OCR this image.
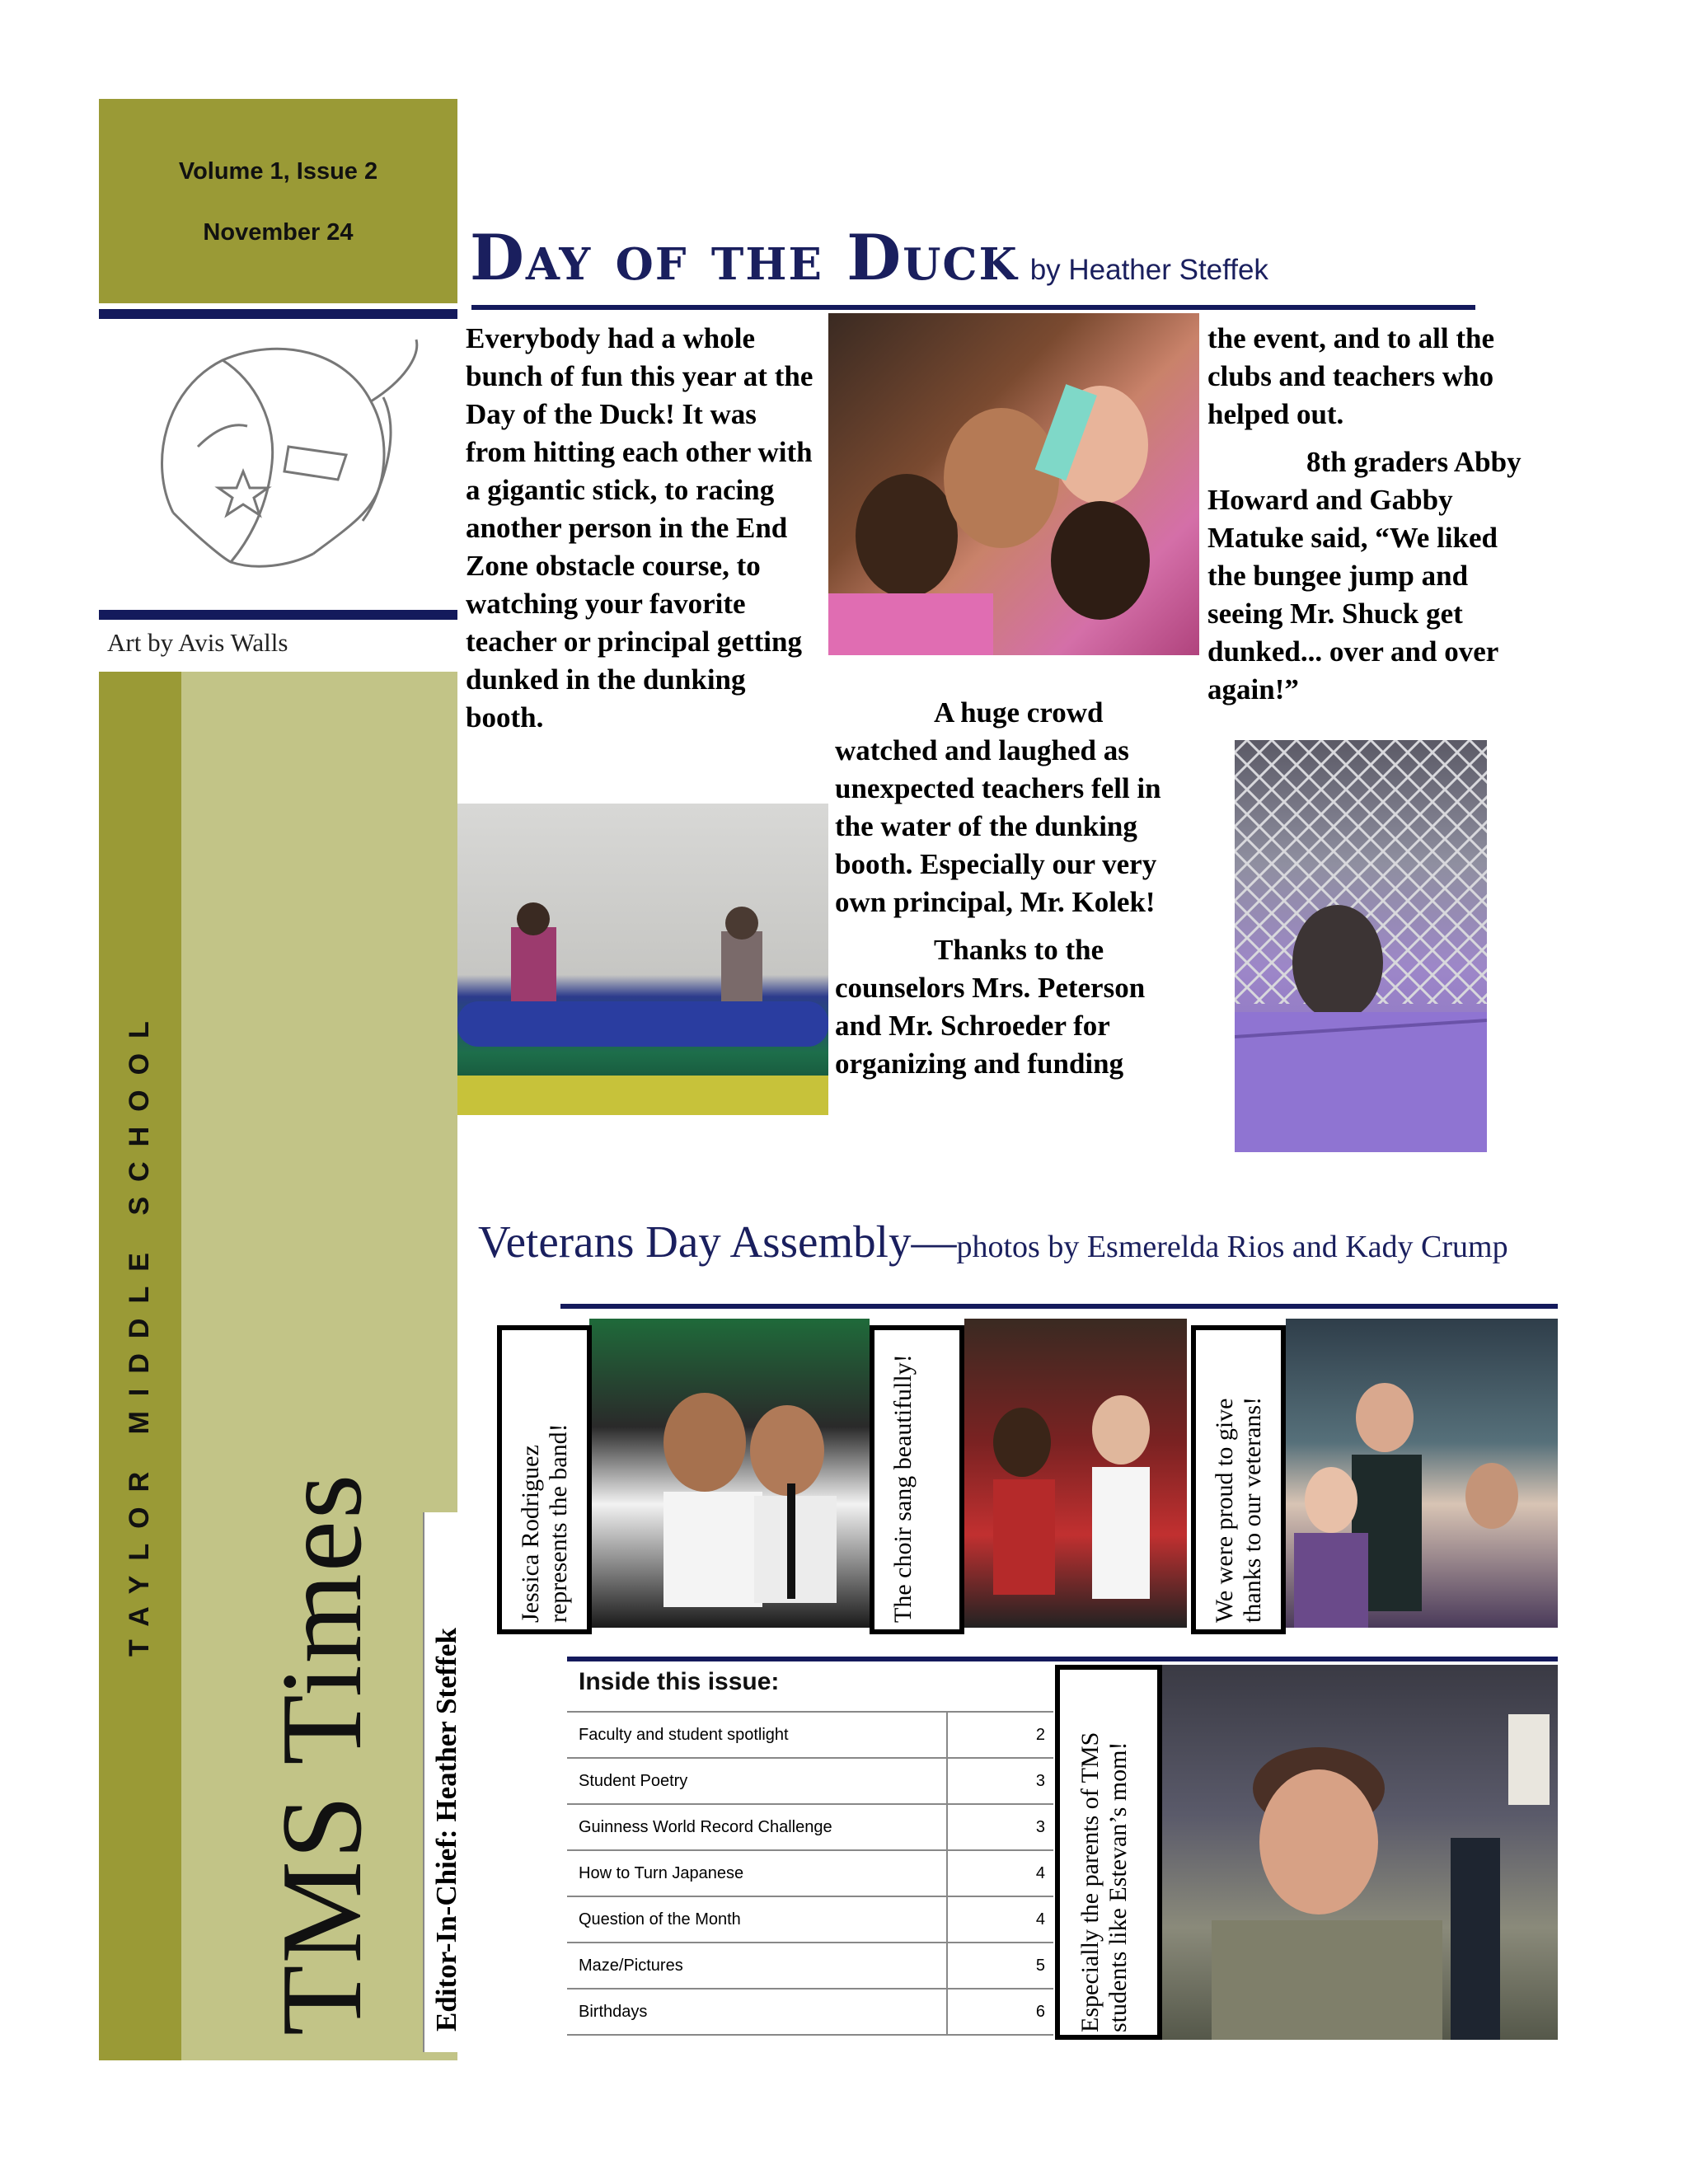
Volume 1, Issue 2
November 24
Art by Avis Walls
TAYLOR MIDDLE SCHOOL
TMS Times Editor-In-Chief: Heather Steffek
Day of the Duck by Heather Steffek

Everybody had a whole bunch of fun this year at the Day of the Duck! It was from hitting each other with a gigantic stick, to racing another person in the End Zone obstacle course, to watching your favorite teacher or principal getting dunked in the dunking booth.	A huge crowd watched and laughed as unexpected teachers fell in the water of the dunking booth. Especially our very own principal, Mr. Kolek!

Thanks to the counselors Mrs. Peterson and Mr. Schroeder for organizing and funding

the event, and to all the clubs and teachers who helped out.

8th graders Abby Howard and Gabby Matuke said, “We liked the bungee jump and seeing Mr. Shuck get dunked... over and over again!”

Veterans Day Assembly—photos by Esmerelda Rios and Kady Crump
Jessica Rodriguez represents the band!	The choir sang beautifully!	We were proud to give thanks to our veterans!
Inside this issue:
Faculty and student spotlight	2
Student Poetry	3
Guinness World Record Challenge	3
How to Turn Japanese	4
Question of the Month	4
Maze/Pictures	5
Birthdays	6 Especially the parents of TMS students like Estevan’s mom!
